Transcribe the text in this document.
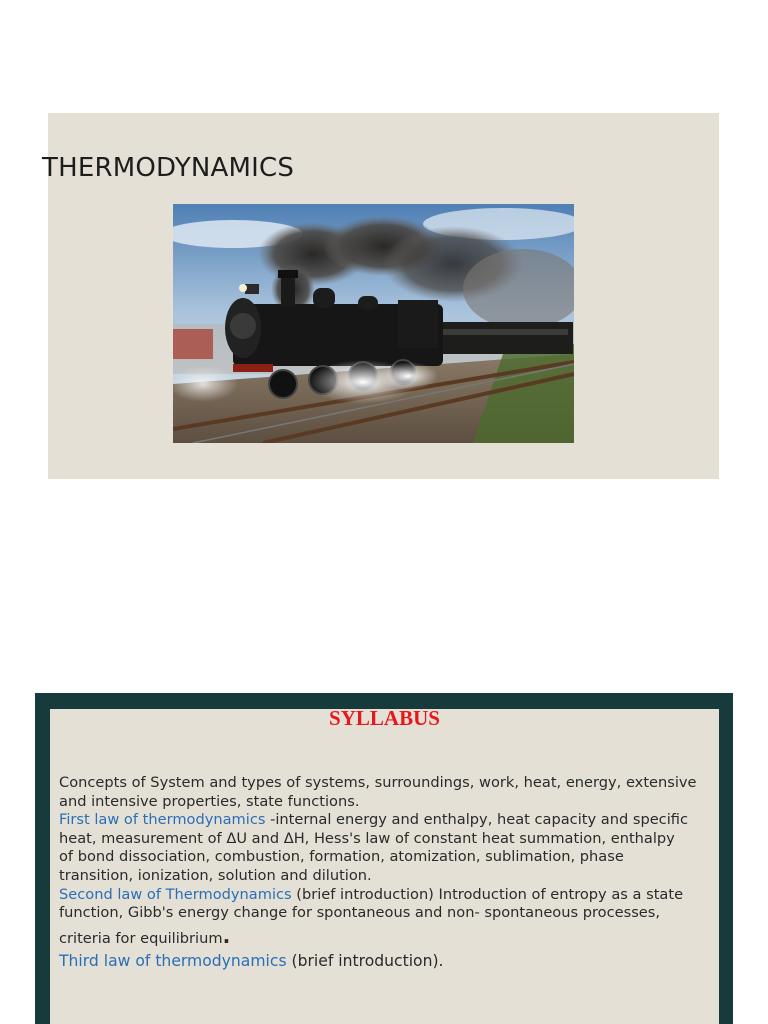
THERMODYNAMICS
SYLLABUS

Concepts of System and types of systems, surroundings, work, heat, energy, extensive
and intensive properties, state functions.

First law of thermodynamics -internal energy and enthalpy, heat capacity and specific
heat, measurement of ΔU and ΔH, Hess's law of constant heat summation, enthalpy
of bond dissociation, combustion, formation, atomization, sublimation, phase
transition, ionization, solution and dilution.

Second law of Thermodynamics (brief introduction) Introduction of entropy as a state
function, Gibb's energy change for spontaneous and non- spontaneous processes,
criteria for equilibrium.

Third law of thermodynamics (brief introduction).
